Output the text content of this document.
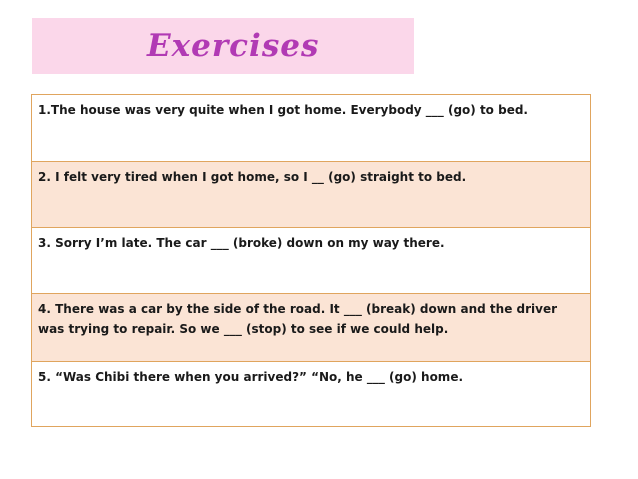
Exercises
1.The house was very quite when I got home. Everybody ___ (go) to bed.
2. I felt very tired when I got home, so I __ (go) straight to bed.
3. Sorry I’m late. The car ___ (broke) down on my way there.
4. There was a car by the side of the road. It ___ (break) down and the driver was trying to repair. So we ___ (stop) to see if we could help.
5. “Was Chibi there when you arrived?” “No, he ___ (go) home.
